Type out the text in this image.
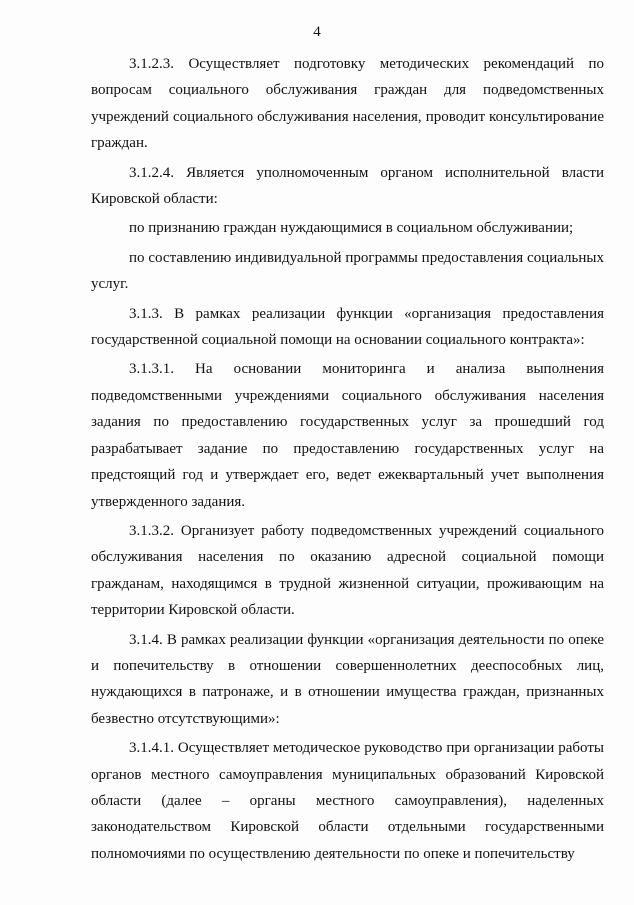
4

3.1.2.3. Осуществляет подготовку методических рекомендаций по вопросам социального обслуживания граждан для подведомственных учреждений социального обслуживания населения, проводит консультирование граждан.

3.1.2.4. Является уполномоченным органом исполнительной власти Кировской области:

по признанию граждан нуждающимися в социальном обслуживании;

по составлению индивидуальной программы предоставления социальных услуг.

3.1.3. В рамках реализации функции «организация предоставления государственной социальной помощи на основании социального контракта»:

3.1.3.1. На основании мониторинга и анализа выполнения подведомственными учреждениями социального обслуживания населения задания по предоставлению государственных услуг за прошедший год разрабатывает задание по предоставлению государственных услуг на предстоящий год и утверждает его, ведет ежеквартальный учет выполнения утвержденного задания.

3.1.3.2. Организует работу подведомственных учреждений социального обслуживания населения по оказанию адресной социальной помощи гражданам, находящимся в трудной жизненной ситуации, проживающим на территории Кировской области.

3.1.4. В рамках реализации функции «организация деятельности по опеке и попечительству в отношении совершеннолетних дееспособных лиц, нуждающихся в патронаже, и в отношении имущества граждан, признанных безвестно отсутствующими»:

3.1.4.1. Осуществляет методическое руководство при организации работы органов местного самоуправления муниципальных образований Кировской области (далее – органы местного самоуправления), наделенных законодательством Кировской области отдельными государственными полномочиями по осуществлению деятельности по опеке и попечительству
